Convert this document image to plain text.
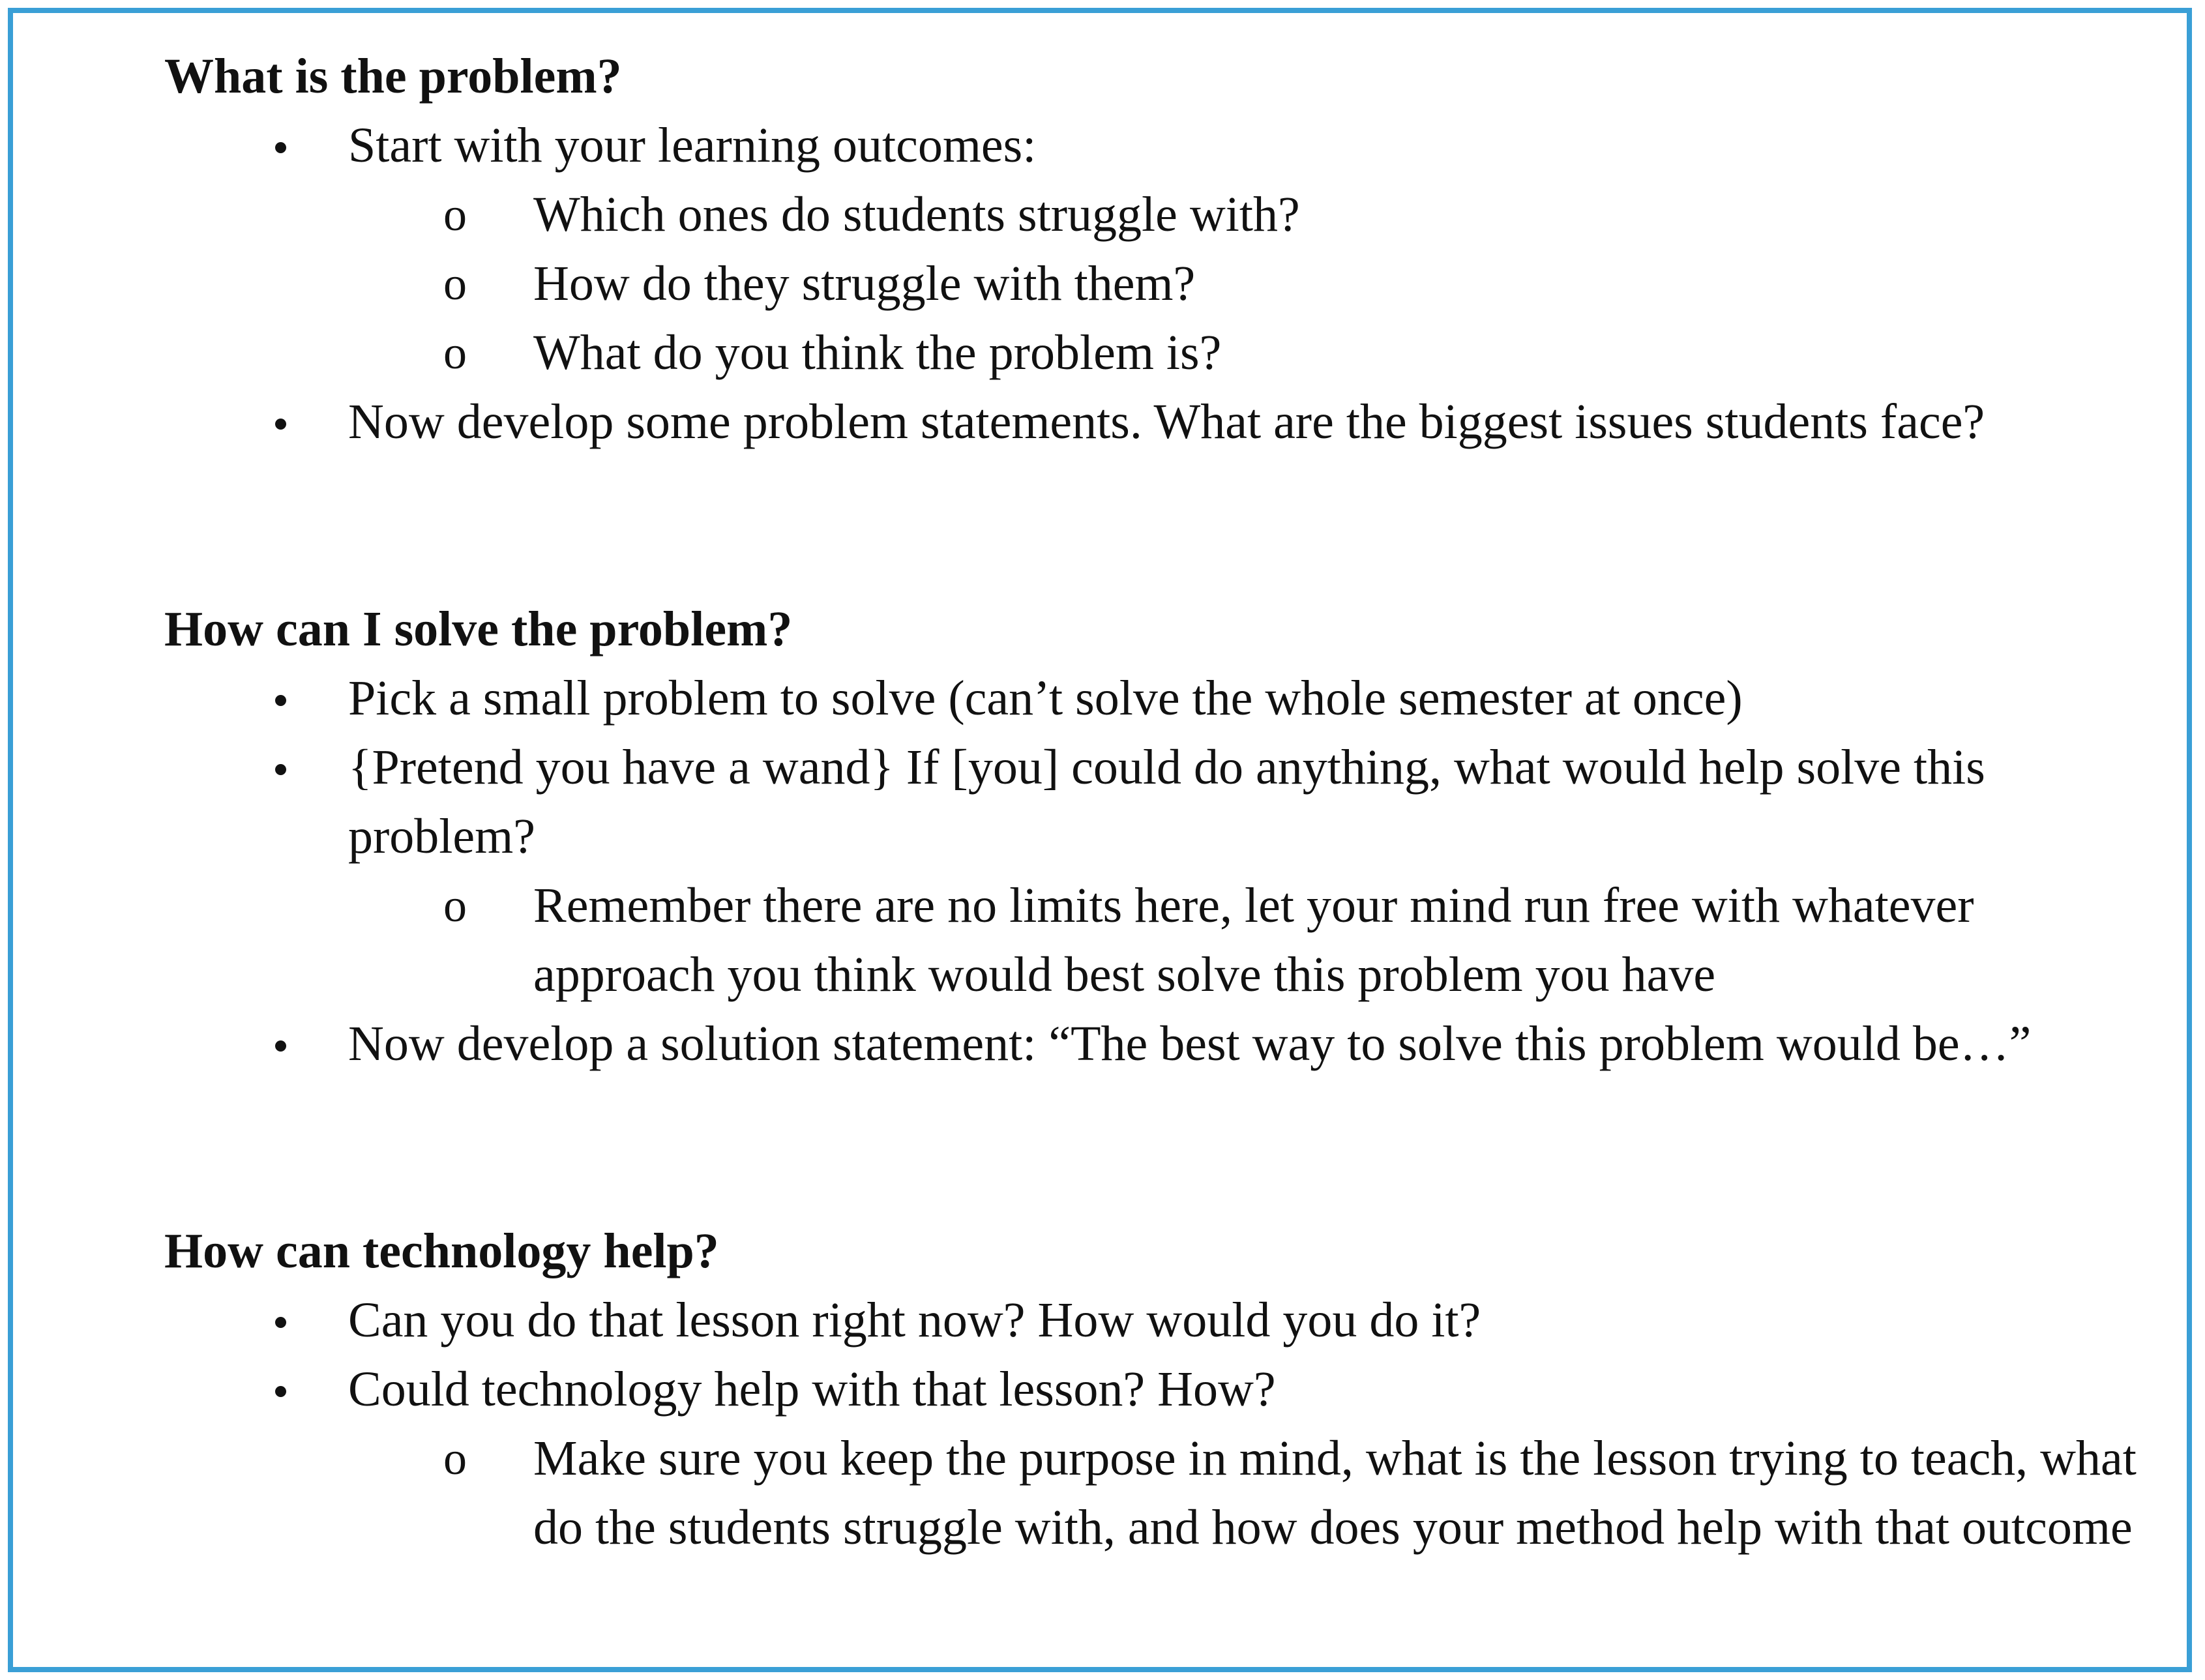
What is the problem?
Start with your learning outcomes:
o Which ones do students struggle with?
o How do they struggle with them?
o What do you think the problem is?
Now develop some problem statements. What are the biggest issues students face?
How can I solve the problem?
Pick a small problem to solve (can’t solve the whole semester at once)
{Pretend you have a wand} If [you] could do anything, what would help solve this problem?
o Remember there are no limits here, let your mind run free with whatever approach you think would best solve this problem you have
Now develop a solution statement: “The best way to solve this problem would be…”
How can technology help?
Can you do that lesson right now? How would you do it?
Could technology help with that lesson? How?
o Make sure you keep the purpose in mind, what is the lesson trying to teach, what do the students struggle with, and how does your method help with that outcome
